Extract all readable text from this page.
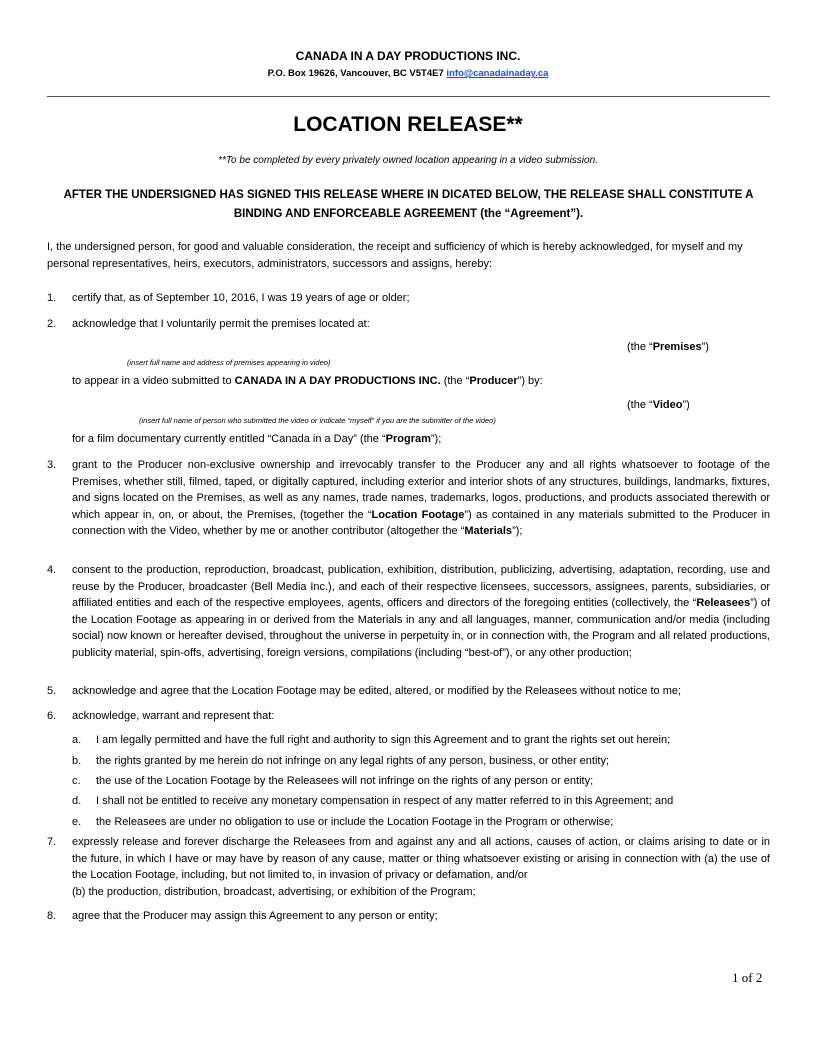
CANADA IN A DAY PRODUCTIONS INC.
P.O. Box 19626, Vancouver, BC V5T4E7 info@canadainaday.ca
LOCATION RELEASE**
**To be completed by every privately owned location appearing in a video submission.
AFTER THE UNDERSIGNED HAS SIGNED THIS RELEASE WHERE IN DICATED BELOW, THE RELEASE SHALL CONSTITUTE A BINDING AND ENFORCEABLE AGREEMENT (the “Agreement”).
I, the undersigned person, for good and valuable consideration, the receipt and sufficiency of which is hereby acknowledged, for myself and my personal representatives, heirs, executors, administrators, successors and assigns, hereby:
1. certify that, as of September 10, 2016, I was 19 years of age or older;
2. acknowledge that I voluntarily permit the premises located at:
(the “Premises”)
(insert full name and address of premises appearing in video)
to appear in a video submitted to CANADA IN A DAY PRODUCTIONS INC. (the “Producer”) by:
(the “Video”)
(insert full name of person who submitted the video or indicate “myself” if you are the submitter of the video)
for a film documentary currently entitled “Canada in a Day” (the “Program”);
3. grant to the Producer non-exclusive ownership and irrevocably transfer to the Producer any and all rights whatsoever to footage of the Premises, whether still, filmed, taped, or digitally captured, including exterior and interior shots of any structures, buildings, landmarks, fixtures, and signs located on the Premises, as well as any names, trade names, trademarks, logos, productions, and products associated therewith or which appear in, on, or about, the Premises, (together the “Location Footage”) as contained in any materials submitted to the Producer in connection with the Video, whether by me or another contributor (altogether the “Materials”);
4. consent to the production, reproduction, broadcast, publication, exhibition, distribution, publicizing, advertising, adaptation, recording, use and reuse by the Producer, broadcaster (Bell Media Inc.), and each of their respective licensees, successors, assignees, parents, subsidiaries, or affiliated entities and each of the respective employees, agents, officers and directors of the foregoing entities (collectively, the “Releasees”) of the Location Footage as appearing in or derived from the Materials in any and all languages, manner, communication and/or media (including social) now known or hereafter devised, throughout the universe in perpetuity in, or in connection with, the Program and all related productions, publicity material, spin-offs, advertising, foreign versions, compilations (including “best-of”), or any other production;
5. acknowledge and agree that the Location Footage may be edited, altered, or modified by the Releasees without notice to me;
6. acknowledge, warrant and represent that:
a. I am legally permitted and have the full right and authority to sign this Agreement and to grant the rights set out herein;
b. the rights granted by me herein do not infringe on any legal rights of any person, business, or other entity;
c. the use of the Location Footage by the Releasees will not infringe on the rights of any person or entity;
d. I shall not be entitled to receive any monetary compensation in respect of any matter referred to in this Agreement; and
e. the Releasees are under no obligation to use or include the Location Footage in the Program or otherwise;
7. expressly release and forever discharge the Releasees from and against any and all actions, causes of action, or claims arising to date or in the future, in which I have or may have by reason of any cause, matter or thing whatsoever existing or arising in connection with (a) the use of the Location Footage, including, but not limited to, in invasion of privacy or defamation, and/or
(b) the production, distribution, broadcast, advertising, or exhibition of the Program;
8. agree that the Producer may assign this Agreement to any person or entity;
1 of 2
